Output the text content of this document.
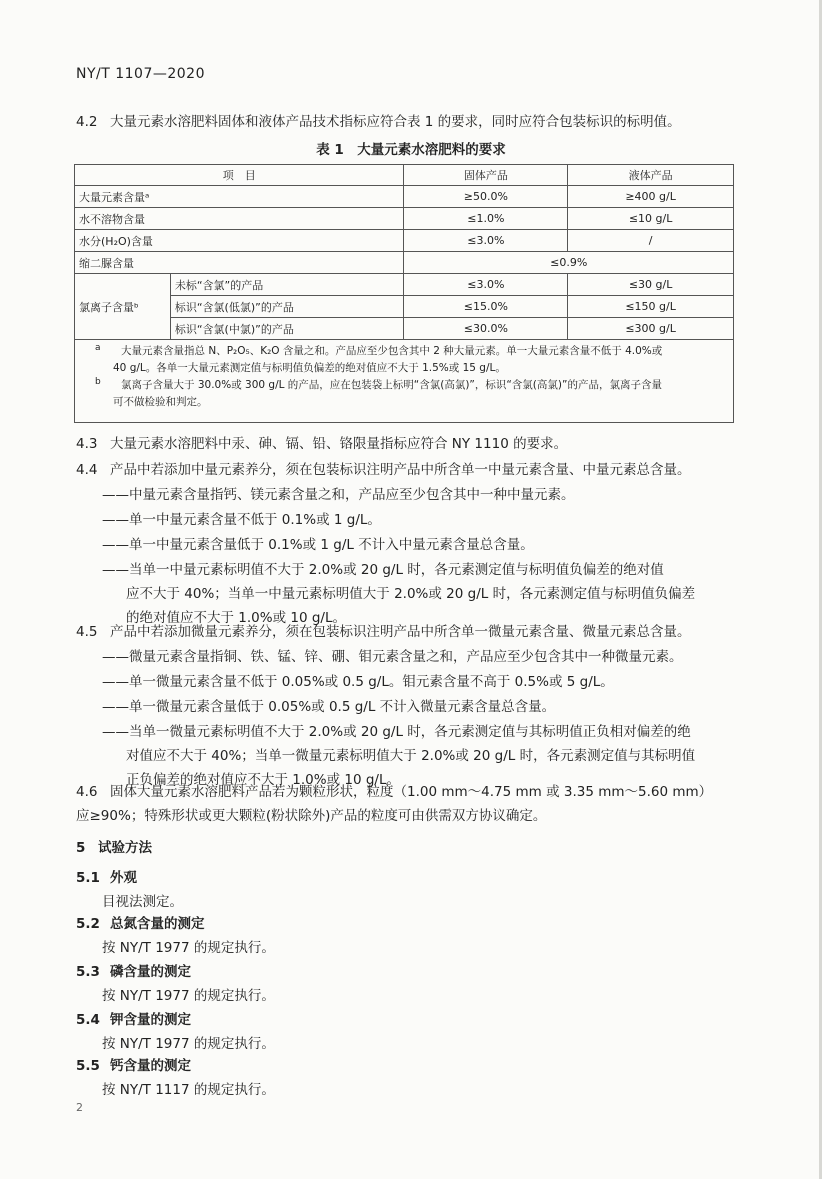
NY/T 1107—2020
4.2 大量元素水溶肥料固体和液体产品技术指标应符合表 1 的要求，同时应符合包装标识的标明值。
表 1　大量元素水溶肥料的要求
项　目		固体产品	液体产品
大量元素含量ᵃ		≥50.0%	≥400 g/L
水不溶物含量		≤1.0%	≤10 g/L
水分(H₂O)含量		≤3.0%	/
缩二脲含量		≤0.9%	
氯离子含量ᵇ	未标“含氯”的产品	≤3.0%	≤30 g/L
	标识“含氯(低氯)”的产品	≤15.0%	≤150 g/L
	标识“含氯(中氯)”的产品	≤30.0%	≤300 g/L
a	大量元素含量指总 N、P₂O₅、K₂O 含量之和。产品应至少包含其中 2 种大量元素。单一大量元素含量不低于 4.0%或
40 g/L。各单一大量元素测定值与标明值负偏差的绝对值应不大于 1.5%或 15 g/L。
b	氯离子含量大于 30.0%或 300 g/L 的产品，应在包装袋上标明“含氯(高氯)”，标识“含氯(高氯)”的产品，氯离子含量
可不做检验和判定。
4.3 大量元素水溶肥料中汞、砷、镉、铅、铬限量指标应符合 NY 1110 的要求。
4.4 产品中若添加中量元素养分，须在包装标识注明产品中所含单一中量元素含量、中量元素总含量。
——中量元素含量指钙、镁元素含量之和，产品应至少包含其中一种中量元素。
——单一中量元素含量不低于 0.1%或 1 g/L。
——单一中量元素含量低于 0.1%或 1 g/L 不计入中量元素含量总含量。
——当单一中量元素标明值不大于 2.0%或 20 g/L 时，各元素测定值与标明值负偏差的绝对值
应不大于 40%；当单一中量元素标明值大于 2.0%或 20 g/L 时，各元素测定值与标明值负偏差
的绝对值应不大于 1.0%或 10 g/L。
4.5 产品中若添加微量元素养分，须在包装标识注明产品中所含单一微量元素含量、微量元素总含量。
——微量元素含量指铜、铁、锰、锌、硼、钼元素含量之和，产品应至少包含其中一种微量元素。
——单一微量元素含量不低于 0.05%或 0.5 g/L。钼元素含量不高于 0.5%或 5 g/L。
——单一微量元素含量低于 0.05%或 0.5 g/L 不计入微量元素含量总含量。
——当单一微量元素标明值不大于 2.0%或 20 g/L 时，各元素测定值与其标明值正负相对偏差的绝
对值应不大于 40%；当单一微量元素标明值大于 2.0%或 20 g/L 时，各元素测定值与其标明值
正负偏差的绝对值应不大于 1.0%或 10 g/L。
4.6 固体大量元素水溶肥料产品若为颗粒形状，粒度（1.00 mm～4.75 mm 或 3.35 mm～5.60 mm）
应≥90%；特殊形状或更大颗粒(粉状除外)产品的粒度可由供需双方协议确定。
5 试验方法
5.1 外观
目视法测定。
5.2 总氮含量的测定
按 NY/T 1977 的规定执行。
5.3 磷含量的测定
按 NY/T 1977 的规定执行。
5.4 钾含量的测定
按 NY/T 1977 的规定执行。
5.5 钙含量的测定
按 NY/T 1117 的规定执行。
2
